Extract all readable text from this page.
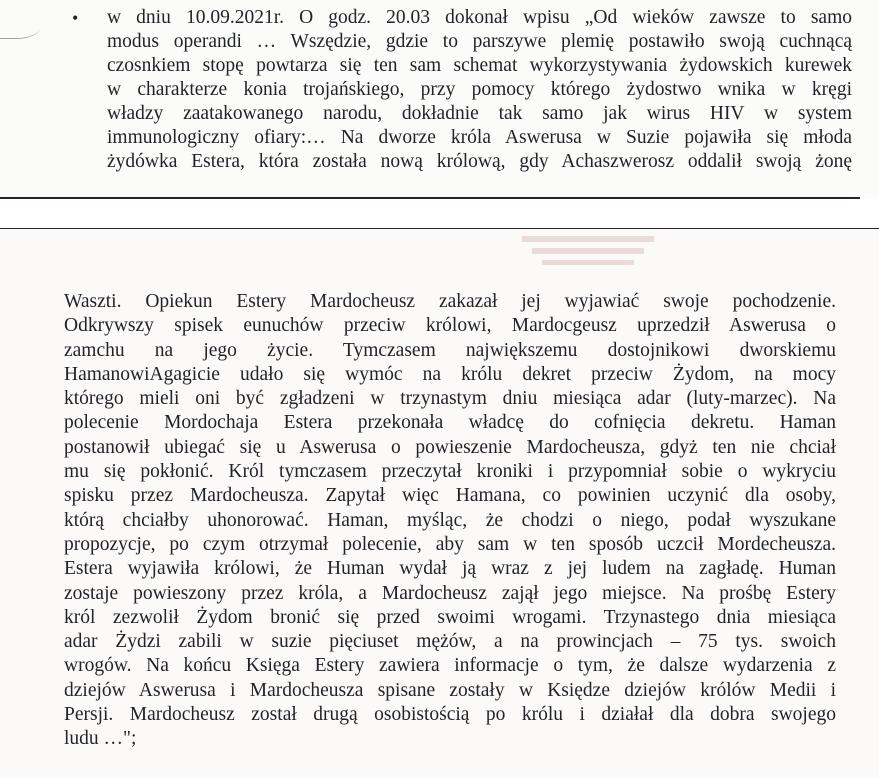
• w dniu 10.09.2021r. O godz. 20.03 dokonał wpisu „Od wieków zawsze to samo
modus operandi … Wszędzie, gdzie to parszywe plemię postawiło swoją cuchnącą
czosnkiem stopę powtarza się ten sam schemat wykorzystywania żydowskich kurewek
w charakterze konia trojańskiego, przy pomocy którego żydostwo wnika w kręgi
władzy zaatakowanego narodu, dokładnie tak samo jak wirus HIV w system
immunologiczny ofiary:… Na dworze króla Aswerusa w Suzie pojawiła się młoda
żydówka Estera, która została nową królową, gdy Achaszwerosz oddalił swoją żonę
Waszti. Opiekun Estery Mardocheusz zakazał jej wyjawiać swoje pochodzenie.
Odkrywszy spisek eunuchów przeciw królowi, Mardocgeusz uprzedził Aswerusa o
zamchu na jego życie. Tymczasem największemu dostojnikowi dworskiemu
HamanowiAgagicie udało się wymóc na królu dekret przeciw Żydom, na mocy
którego mieli oni być zgładzeni w trzynastym dniu miesiąca adar (luty-marzec). Na
polecenie Mordochaja Estera przekonała władcę do cofnięcia dekretu. Haman
postanowił ubiegać się u Aswerusa o powieszenie Mardocheusza, gdyż ten nie chciał
mu się pokłonić. Król tymczasem przeczytał kroniki i przypomniał sobie o wykryciu
spisku przez Mardocheusza. Zapytał więc Hamana, co powinien uczynić dla osoby,
którą chciałby uhonorować. Haman, myśląc, że chodzi o niego, podał wyszukane
propozycje, po czym otrzymał polecenie, aby sam w ten sposób uczcił Mordecheusza.
Estera wyjawiła królowi, że Human wydał ją wraz z jej ludem na zagładę. Human
zostaje powieszony przez króla, a Mardocheusz zajął jego miejsce. Na prośbę Estery
król zezwolił Żydom bronić się przed swoimi wrogami. Trzynastego dnia miesiąca
adar Żydzi zabili w suzie pięciuset mężów, a na prowincjach – 75 tys. swoich
wrogów. Na końcu Księga Estery zawiera informacje o tym, że dalsze wydarzenia z
dziejów Aswerusa i Mardocheusza spisane zostały w Księdze dziejów królów Medii i
Persji. Mardocheusz został drugą osobistością po królu i działał dla dobra swojego
ludu …";
